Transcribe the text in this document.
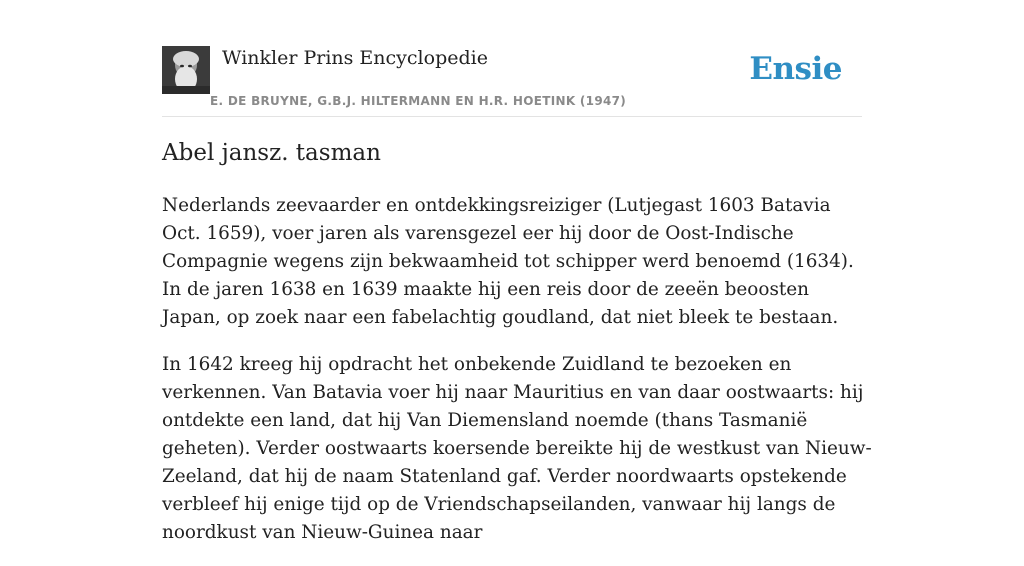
Winkler Prins Encyclopedie
E. DE BRUYNE, G.B.J. HILTERMANN EN H.R. HOETINK (1947)
Ensie
Abel jansz. tasman

Nederlands zeevaarder en ontdekkingsreiziger (Lutjegast 1603 Batavia Oct. 1659), voer jaren als varensgezel eer hij door de Oost-Indische Compagnie wegens zijn bekwaamheid tot schipper werd benoemd (1634). In de jaren 1638 en 1639 maakte hij een reis door de zeeën beoosten Japan, op zoek naar een fabelachtig goudland, dat niet bleek te bestaan.

In 1642 kreeg hij opdracht het onbekende Zuidland te bezoeken en verkennen. Van Batavia voer hij naar Mauritius en van daar oostwaarts: hij ontdekte een land, dat hij Van Diemensland noemde (thans Tasmanië geheten). Verder oostwaarts koersende bereikte hij de westkust van Nieuw-Zeeland, dat hij de naam Statenland gaf. Verder noordwaarts opstekende verbleef hij enige tijd op de Vriendschapseilanden, vanwaar hij langs de noordkust van Nieuw-Guinea naar
